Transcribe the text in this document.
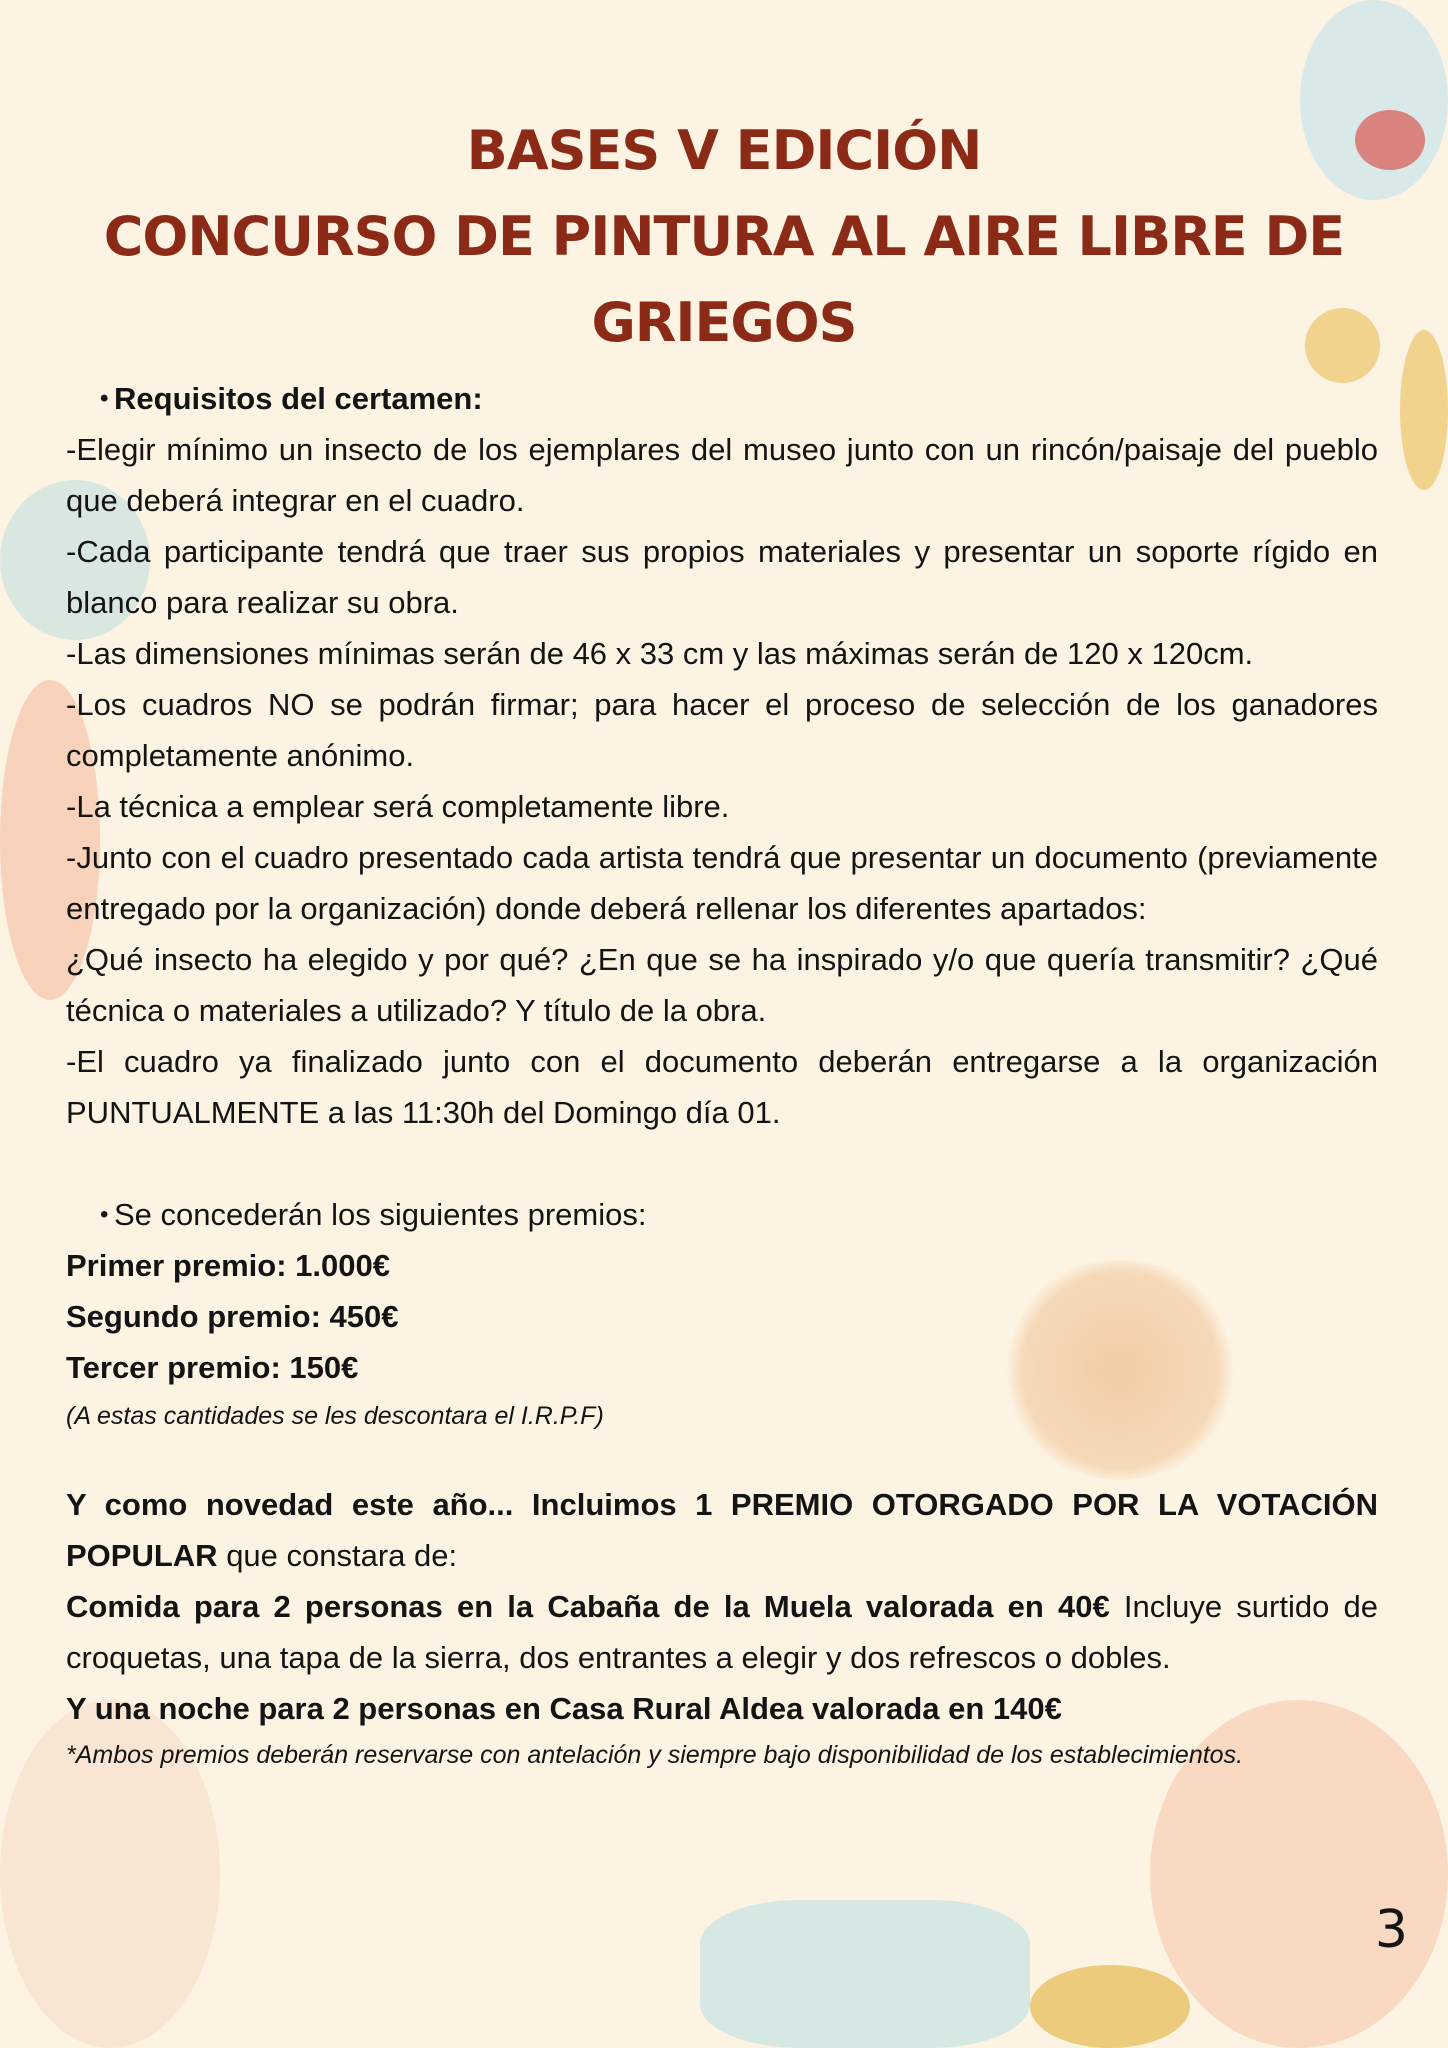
BASES V EDICIÓN
CONCURSO DE PINTURA AL AIRE LIBRE DE
GRIEGOS

• Requisitos del certamen:

-Elegir mínimo un insecto de los ejemplares del museo junto con un rincón/paisaje del pueblo que deberá integrar en el cuadro.

-Cada participante tendrá que traer sus propios materiales y presentar un soporte rígido en blanco para realizar su obra.

-Las dimensiones mínimas serán de 46 x 33 cm y las máximas serán de 120 x 120cm.

-Los cuadros NO se podrán firmar; para hacer el proceso de selección de los ganadores completamente anónimo.

-La técnica a emplear será completamente libre.

-Junto con el cuadro presentado cada artista tendrá que presentar un documento (previamente entregado por la organización) donde deberá rellenar los diferentes apartados:

¿Qué insecto ha elegido y por qué? ¿En que se ha inspirado y/o que quería transmitir? ¿Qué técnica o materiales a utilizado? Y título de la obra.

-El cuadro ya finalizado junto con el documento deberán entregarse a la organización PUNTUALMENTE a las 11:30h del Domingo día 01.

• Se concederán los siguientes premios:

Primer premio: 1.000€

Segundo premio: 450€

Tercer premio: 150€

(A estas cantidades se les descontara el I.R.P.F)

Y como novedad este año... Incluimos 1 PREMIO OTORGADO POR LA VOTACIÓN POPULAR que constara de:

Comida para 2 personas en la Cabaña de la Muela valorada en 40€ Incluye surtido de croquetas, una tapa de la sierra, dos entrantes a elegir y dos refrescos o dobles.

Y una noche para 2 personas en Casa Rural Aldea valorada en 140€

*Ambos premios deberán reservarse con antelación y siempre bajo disponibilidad de los establecimientos.

3
